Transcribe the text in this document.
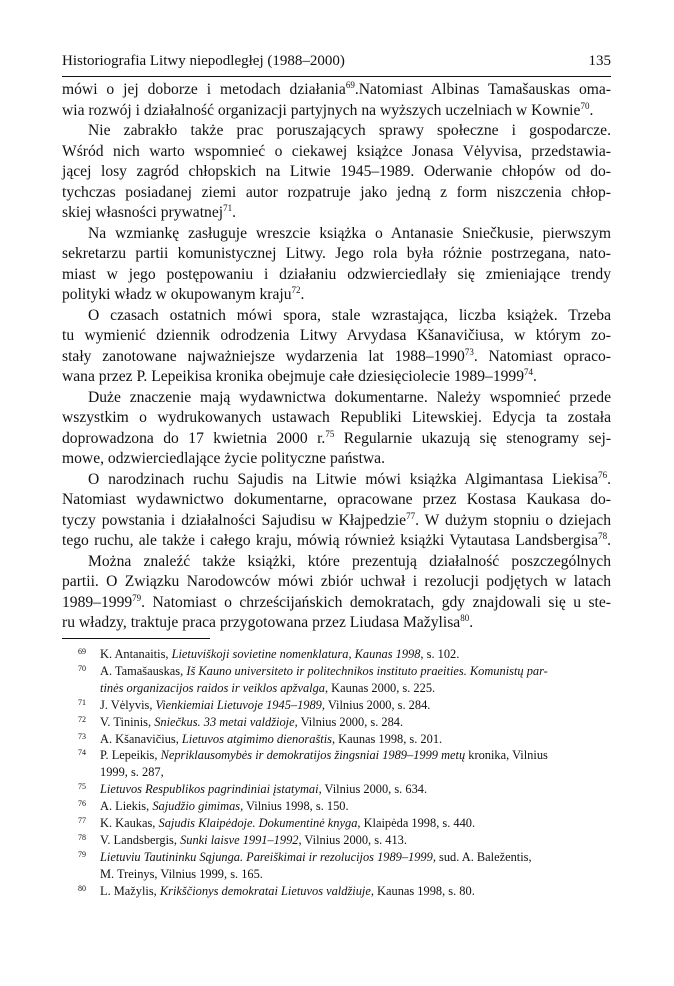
Historiografia Litwy niepodległej (1988–2000)	135
mówi o jej doborze i metodach działania$^{69}$.Natomiast Albinas Tamašauskas oma-
wia rozwój i działalność organizacji partyjnych na wyższych uczelniach w Kownie$^{70}$.
Nie zabrakło także prac poruszających sprawy społeczne i gospodarcze.
Wśród nich warto wspomnieć o ciekawej książce Jonasa Vėlyvisa, przedstawia-
jącej losy zagród chłopskich na Litwie 1945–1989. Oderwanie chłopów od do-
tychczas posiadanej ziemi autor rozpatruje jako jedną z form niszczenia chłop-
skiej własności prywatnej$^{71}$.
Na wzmiankę zasługuje wreszcie książka o Antanasie Sniečkusie, pierwszym
sekretarzu partii komunistycznej Litwy. Jego rola była różnie postrzegana, nato-
miast w jego postępowaniu i działaniu odzwierciedlały się zmieniające trendy
polityki władz w okupowanym kraju$^{72}$.
O czasach ostatnich mówi spora, stale wzrastająca, liczba książek. Trzeba
tu wymienić dziennik odrodzenia Litwy Arvydasa Kšanavičiusa, w którym zo-
stały zanotowane najważniejsze wydarzenia lat 1988–1990$^{73}$. Natomiast opraco-
wana przez P. Lepeikisa kronika obejmuje całe dziesięciolecie 1989–1999$^{74}$.
Duże znaczenie mają wydawnictwa dokumentarne. Należy wspomnieć przede
wszystkim o wydrukowanych ustawach Republiki Litewskiej. Edycja ta została
doprowadzona do 17 kwietnia 2000 r.$^{75}$ Regularnie ukazują się stenogramy sej-
mowe, odzwierciedlające życie polityczne państwa.
O narodzinach ruchu Sajudis na Litwie mówi książka Algimantasa Liekisa$^{76}$.
Natomiast wydawnictwo dokumentarne, opracowane przez Kostasa Kaukasa do-
tyczy powstania i działalności Sajudisu w Kłajpedzie$^{77}$. W dużym stopniu o dziejach
tego ruchu, ale także i całego kraju, mówią również książki Vytautasa Landsbergisa$^{78}$.
Można znaleźć także książki, które prezentują działalność poszczególnych
partii. O Związku Narodowców mówi zbiór uchwał i rezolucji podjętych w latach
1989–1999$^{79}$. Natomiast o chrześcijańskich demokratach, gdy znajdowali się u ste-
ru władzy, traktuje praca przygotowana przez Liudasa Mažylisa$^{80}$.
69 K. Antanaitis, Lietuviškoji sovietine nomenklatura, Kaunas 1998, s. 102.
70 A. Tamašauskas, Iš Kauno universiteto ir politechnikos instituto praeities. Komunistų par-
tinės organizacijos raidos ir veiklos apžvalga, Kaunas 2000, s. 225.
71 J. Vėlyvis, Vienkiemiai Lietuvoje 1945–1989, Vilnius 2000, s. 284.
72 V. Tininis, Sniečkus. 33 metai valdžioje, Vilnius 2000, s. 284.
73 A. Kšanavičius, Lietuvos atgimimo dienoraštis, Kaunas 1998, s. 201.
74 P. Lepeikis, Nepriklausomybės ir demokratijos žingsniai 1989–1999 metų kronika, Vilnius
1999, s. 287,
75 Lietuvos Respublikos pagrindiniai įstatymai, Vilnius 2000, s. 634.
76 A. Liekis, Sajudžio gimimas, Vilnius 1998, s. 150.
77 K. Kaukas, Sajudis Klaipėdoje. Dokumentinė knyga, Klaipėda 1998, s. 440.
78 V. Landsbergis, Sunki laisve 1991–1992, Vilnius 2000, s. 413.
79 Lietuviu Tautininku Sąjunga. Pareiškimai ir rezolucijos 1989–1999, sud. A. Baležentis,
M. Treinys, Vilnius 1999, s. 165.
80 L. Mažylis, Krikščionys demokratai Lietuvos valdžiuje, Kaunas 1998, s. 80.
